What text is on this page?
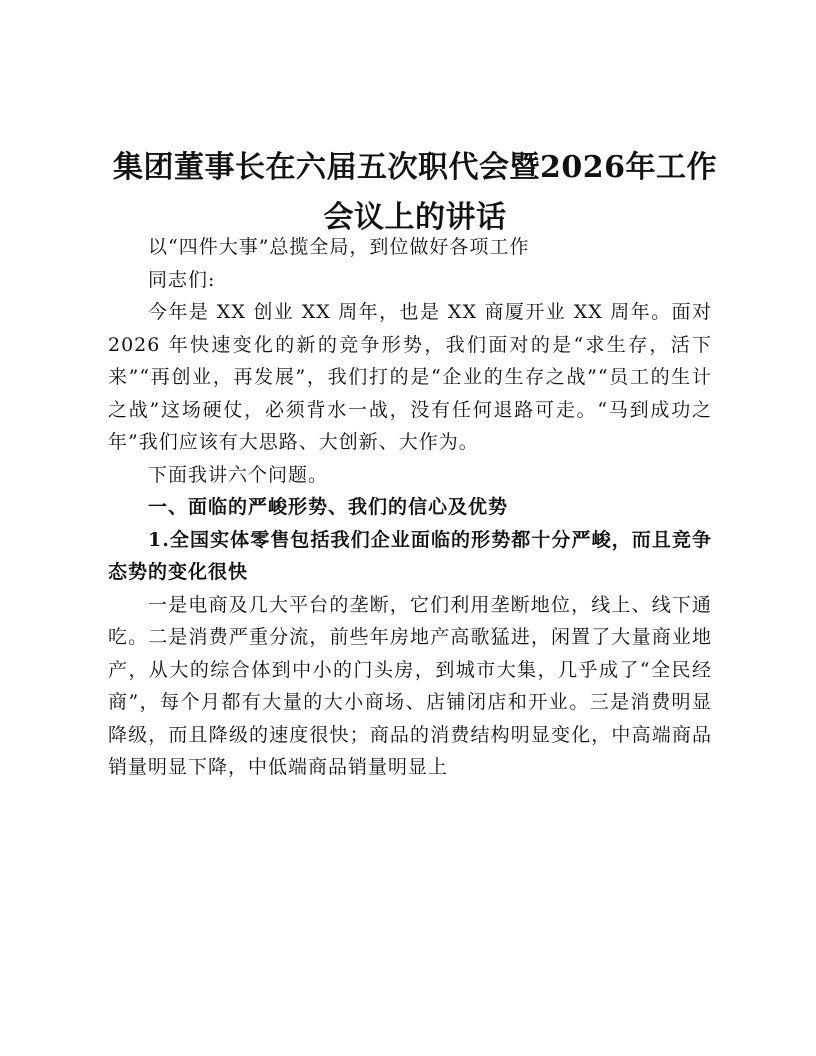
集团董事长在六届五次职代会暨2026年工作会议上的讲话

以“四件大事”总揽全局，到位做好各项工作

同志们:

今年是 XX 创业 XX 周年，也是 XX 商厦开业 XX 周年。面对 2026 年快速变化的新的竞争形势，我们面对的是“求生存，活下来”“再创业，再发展”，我们打的是“企业的生存之战”“员工的生计之战”这场硬仗，必须背水一战，没有任何退路可走。“马到成功之年”我们应该有大思路、大创新、大作为。

下面我讲六个问题。

一、面临的严峻形势、我们的信心及优势

1.全国实体零售包括我们企业面临的形势都十分严峻，而且竞争态势的变化很快

一是电商及几大平台的垄断，它们利用垄断地位，线上、线下通吃。二是消费严重分流，前些年房地产高歌猛进，闲置了大量商业地产，从大的综合体到中小的门头房，到城市大集，几乎成了“全民经商”，每个月都有大量的大小商场、店铺闭店和开业。三是消费明显降级，而且降级的速度很快；商品的消费结构明显变化，中高端商品销量明显下降，中低端商品销量明显上
